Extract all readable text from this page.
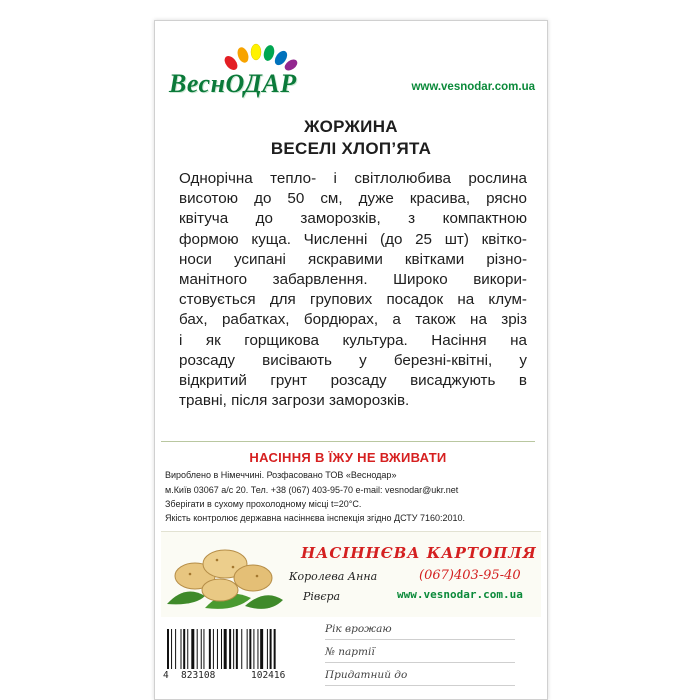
ВеснОДАР	www.vesnodar.com.ua
ЖОРЖИНА
ВЕСЕЛІ ХЛОП’ЯТА
Однорічна тепло- і світлолюбива рослина
висотою до 50 см, дуже красива, рясно
квітуча до заморозків, з компактною
формою куща. Численні (до 25 шт) квітко-
носи усипані яскравими квітками різно-
манітного забарвлення. Широко викори-
стовується для групових посадок на клум-
бах, рабатках, бордюрах, а також на зріз
і як горщикова культура. Насіння на
розсаду висівають у березні-квітні, у
відкритий грунт розсаду висаджують в
травні, після загрози заморозків.
НАСІННЯ В ЇЖУ НЕ ВЖИВАТИ
Вироблено в Німеччині. Розфасовано ТОВ «Веснодар»
м.Київ 03067 а/с 20. Тел. +38 (067) 403-95-70 e-mail: vesnodar@ukr.net
Зберігати в сухому прохолодному місці t=20°С.
Якість контролює державна насіннєва інспекція згідно ДСТУ 7160:2010.
НАСІННЄВА КАРТОПЛЯ
Королева Анна	(067)403-95-40
Рівєра	www.vesnodar.com.ua
4 823108	102416
Рік врожаю
№ партії
Придатний до
